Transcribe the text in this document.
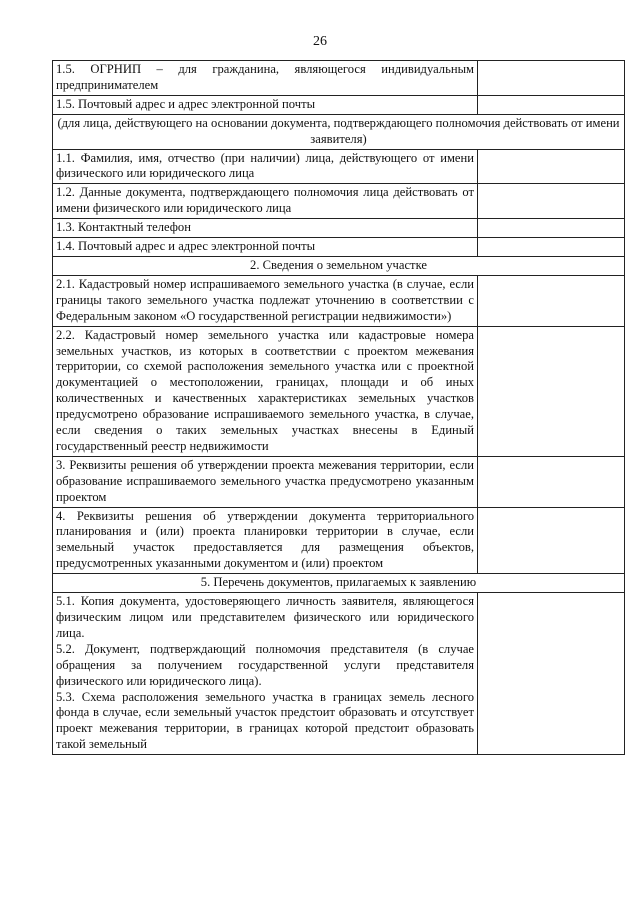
26
1.5. ОГРНИП – для гражданина, являющегося индивидуальным предпринимателем	
1.5. Почтовый адрес и адрес электронной почты	
(для лица, действующего на основании документа, подтверждающего полномочия действовать от имени заявителя)	
1.1. Фамилия, имя, отчество (при наличии) лица, действующего от имени физического или юридического лица	
1.2. Данные документа, подтверждающего полномочия лица действовать от имени физического или юридического лица	
1.3. Контактный телефон	
1.4. Почтовый адрес и адрес электронной почты	
2. Сведения о земельном участке	
2.1. Кадастровый номер испрашиваемого земельного участка (в случае, если границы такого земельного участка подлежат уточнению в соответствии с Федеральным законом «О государственной регистрации недвижимости»)	
2.2. Кадастровый номер земельного участка или кадастровые номера земельных участков, из которых в соответствии с проектом межевания территории, со схемой расположения земельного участка или с проектной документацией о местоположении, границах, площади и об иных количественных и качественных характеристиках земельных участков предусмотрено образование испрашиваемого земельного участка, в случае, если сведения о таких земельных участках внесены в Единый государственный реестр недвижимости	
3. Реквизиты решения об утверждении проекта межевания территории, если образование испрашиваемого земельного участка предусмотрено указанным проектом	
4. Реквизиты решения об утверждении документа территориального планирования и (или) проекта планировки территории в случае, если земельный участок предоставляется для размещения объектов, предусмотренных указанными документом и (или) проектом	
5. Перечень документов, прилагаемых к заявлению	

5.1. Копия документа, удостоверяющего личность заявителя, являющегося физическим лицом или представителем физического или юридического лица.
5.2. Документ, подтверждающий полномочия представителя (в случае обращения за получением государственной услуги представителя физического или юридического лица).
5.3. Схема расположения земельного участка в границах земель лесного фонда в случае, если земельный участок предстоит образовать и отсутствует проект межевания территории, в границах которой предстоит образовать такой земельный	
